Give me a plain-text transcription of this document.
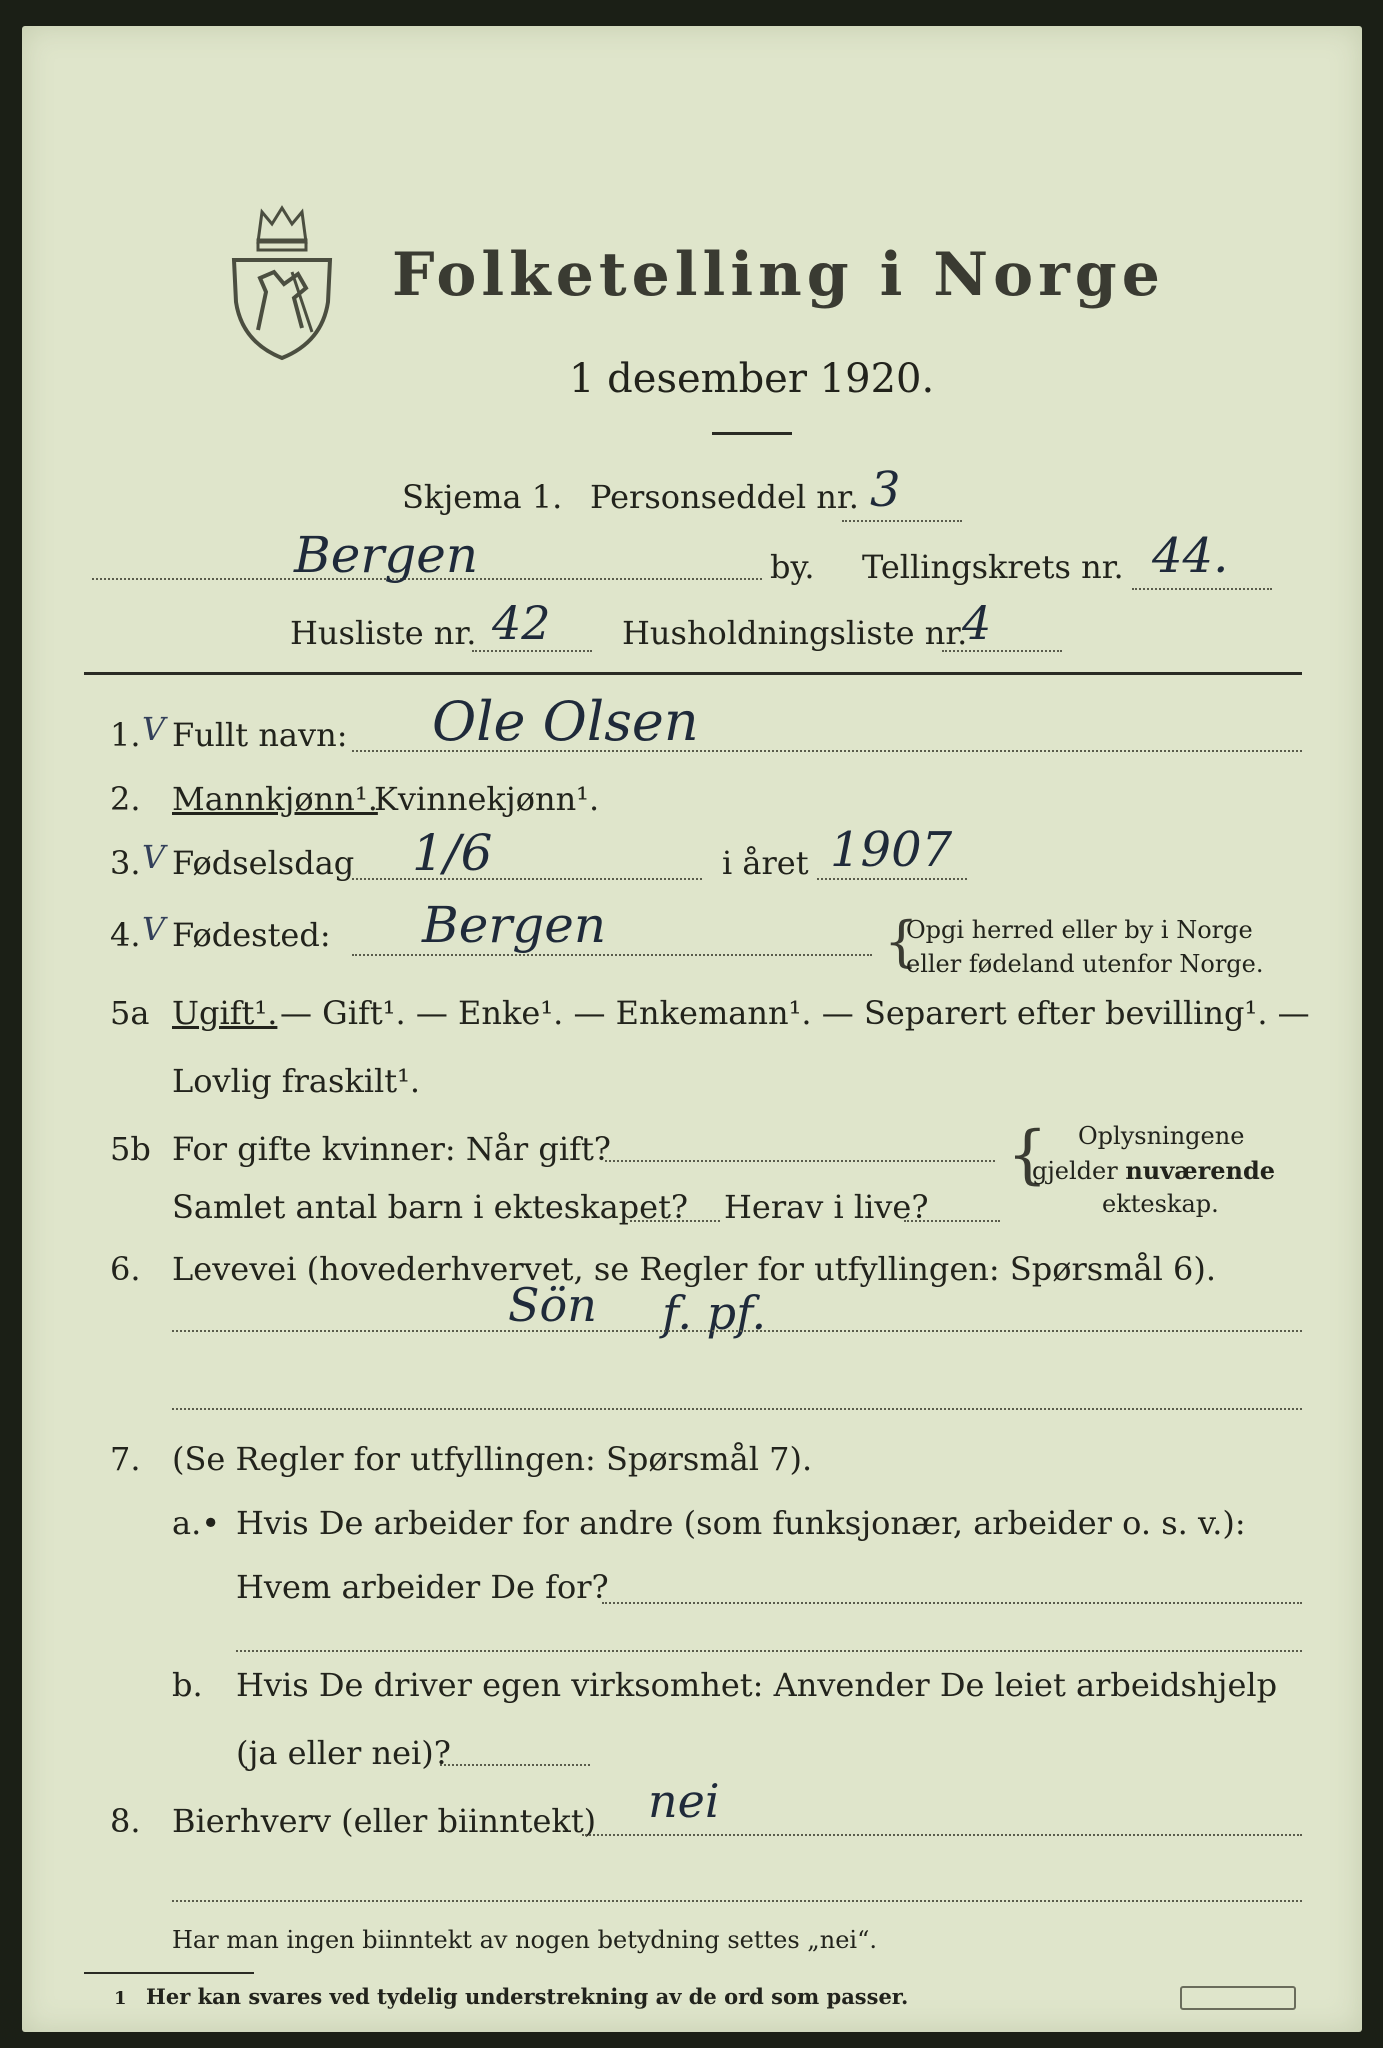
Folketelling i Norge
1 desember 1920.
Skjema 1. Personseddel nr. 3
Bergen	by. Tellingskrets nr. 44.
Husliste nr. 42 Husholdningsliste nr.
4
1. V Fullt navn: Ole Olsen
2. Mannkjønn¹.
Kvinnekjønn¹.
3. V Fødselsdag 1/6	i året 1907
4. V Fødested: Bergen	{
Opgi herred eller by i Norge
eller fødeland utenfor Norge.
5a Ugift¹. — Gift¹. — Enke¹. — Enkemann¹. — Separert efter bevilling¹. —
Lovlig fraskilt¹.
5b For gifte kvinner: Når gift?
Samlet antal barn i ekteskapet? Herav i live?
{ Oplysningene
gjelder nuværende
ekteskap.
6. Levevei (hovederhvervet, se Regler for utfyllingen: Spørsmål 6).
Sön f. pf.
7. (Se Regler for utfyllingen: Spørsmål 7).
a.• Hvis De arbeider for andre (som funksjonær, arbeider o. s. v.):
Hvem arbeider De for?
b. Hvis De driver egen virksomhet: Anvender De leiet arbeidshjelp
(ja eller nei)?
8. Bierhverv (eller biinntekt) nei
Har man ingen biinntekt av nogen betydning settes „nei“.
1 Her kan svares ved tydelig understrekning av de ord som passer.
